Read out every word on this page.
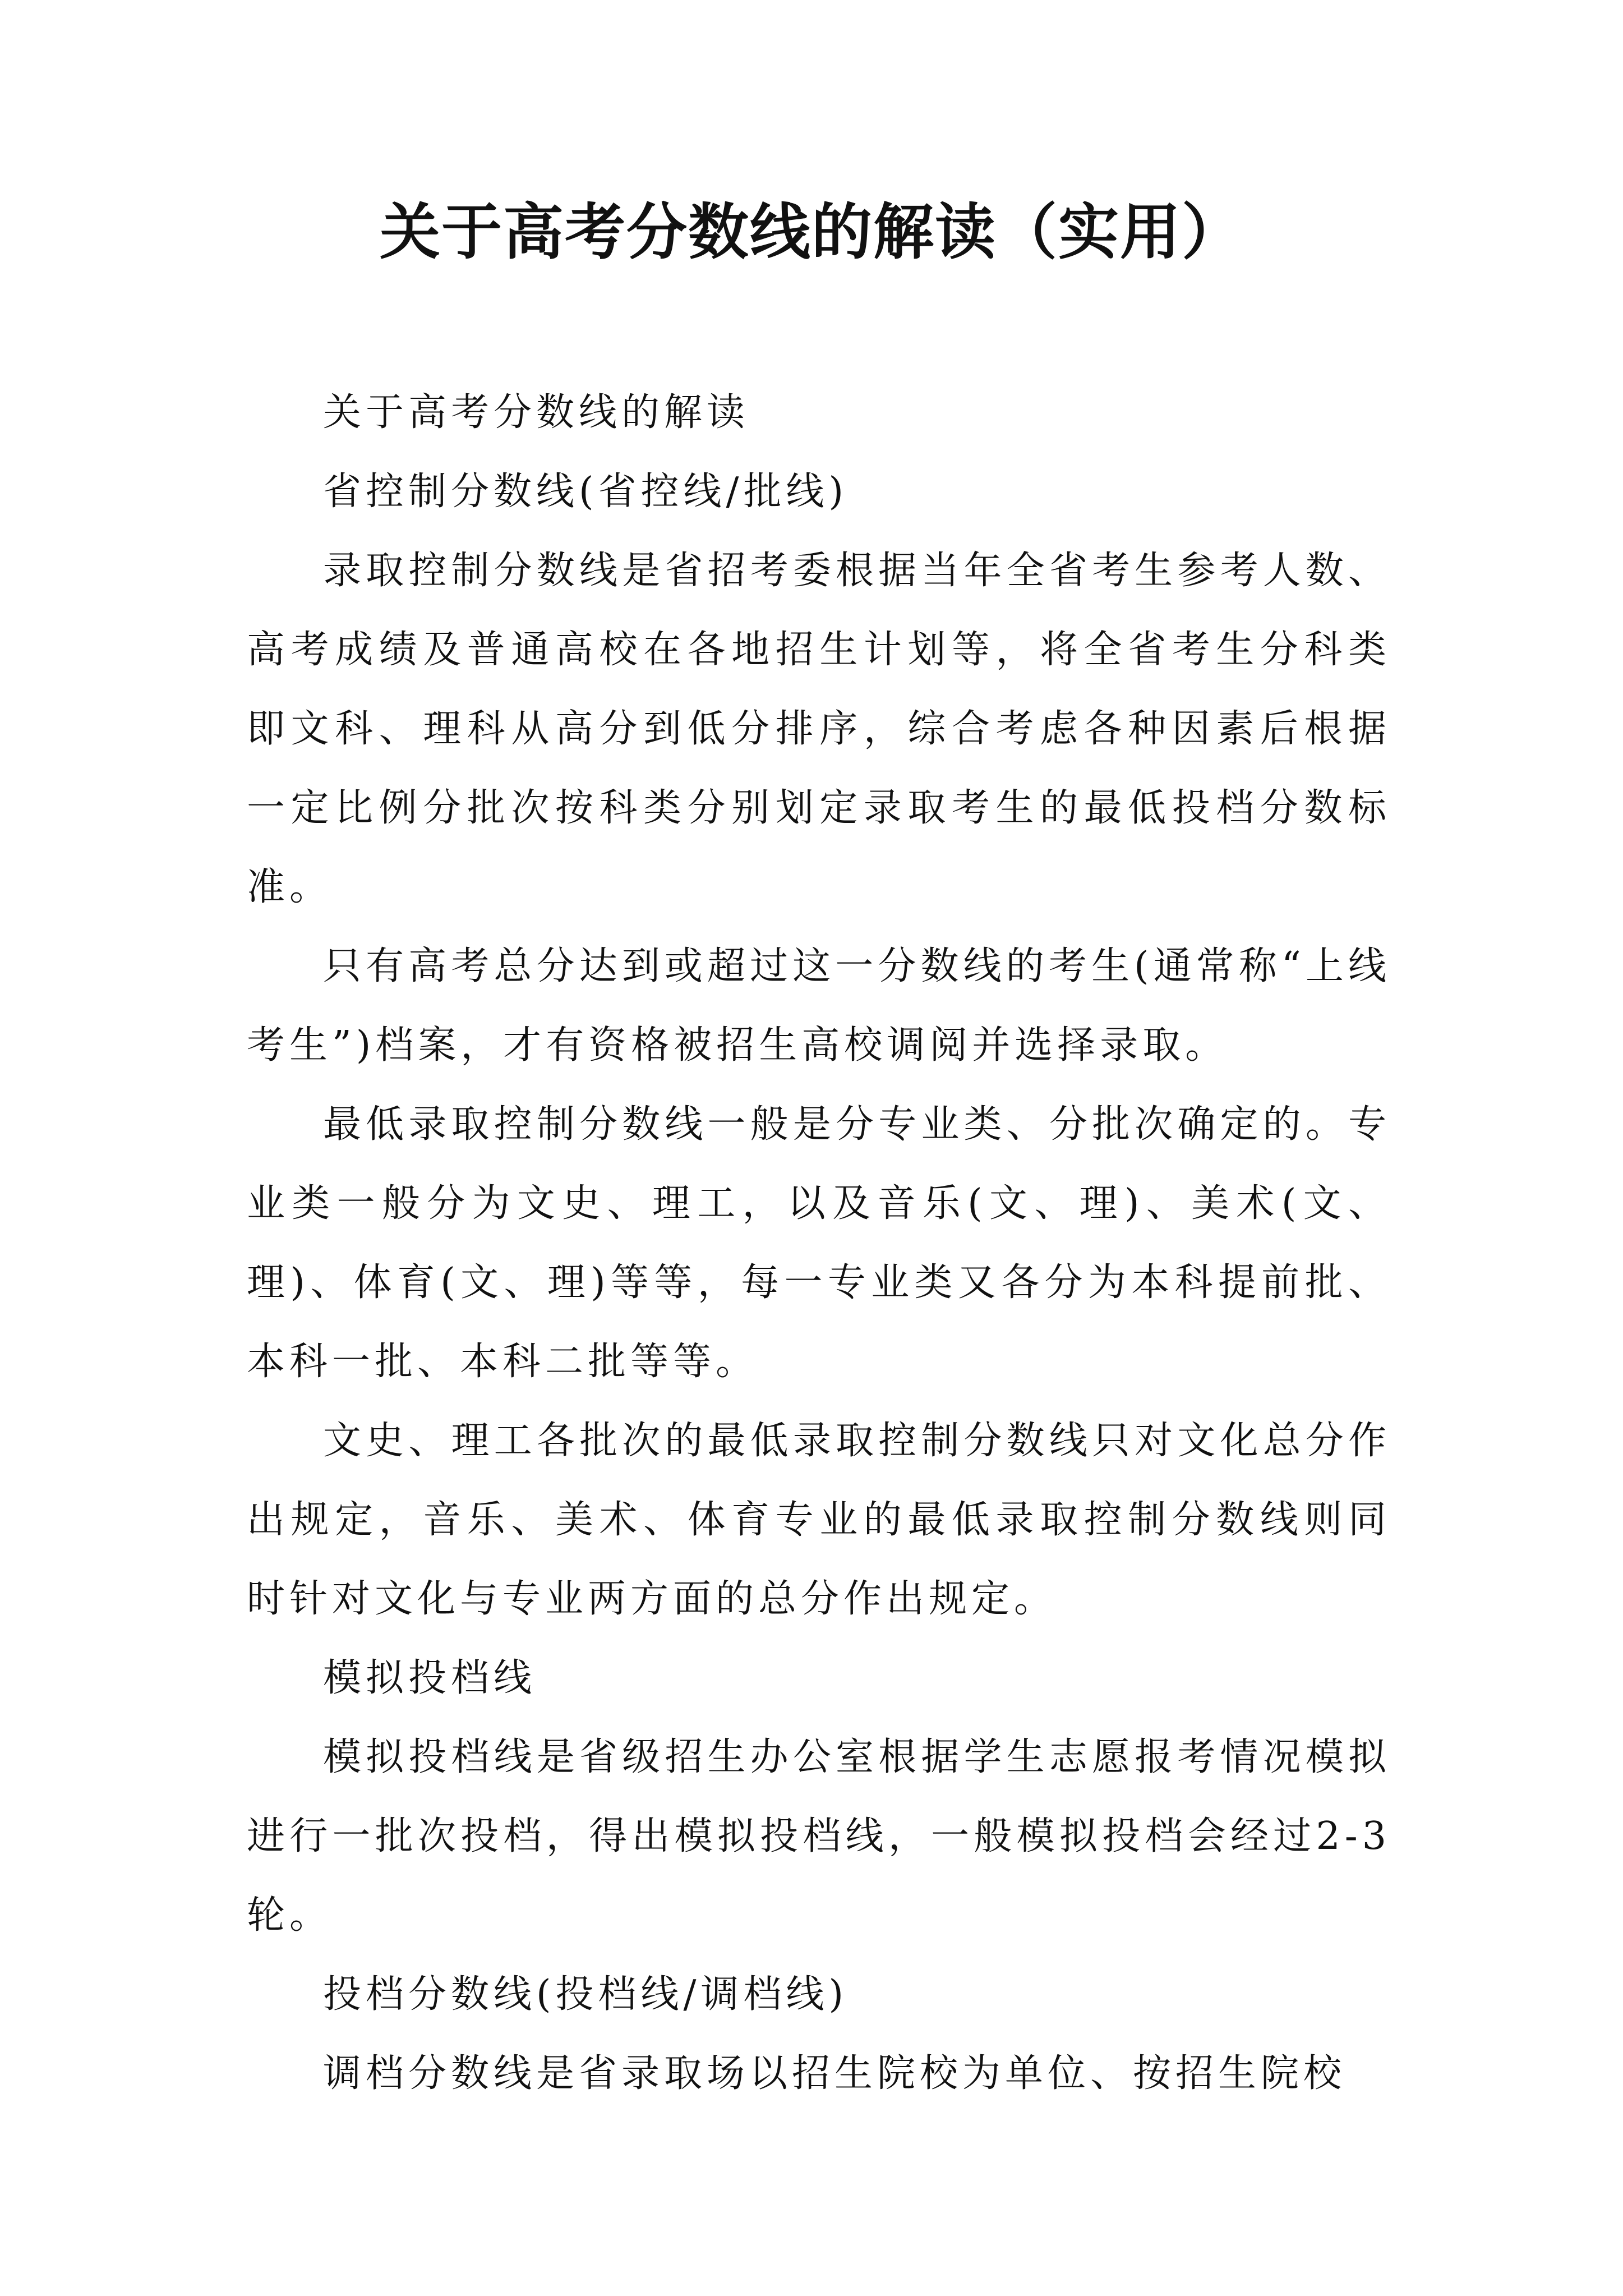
关于高考分数线的解读（实用）

关于高考分数线的解读

省控制分数线(省控线/批线)

录取控制分数线是省招考委根据当年全省考生参考人数、高考成绩及普通高校在各地招生计划等，将全省考生分科类即文科、理科从高分到低分排序，综合考虑各种因素后根据一定比例分批次按科类分别划定录取考生的最低投档分数标准。

只有高考总分达到或超过这一分数线的考生(通常称“上线考生”)档案，才有资格被招生高校调阅并选择录取。

最低录取控制分数线一般是分专业类、分批次确定的。专业类一般分为文史、理工，以及音乐(文、理)、美术(文、理)、体育(文、理)等等，每一专业类又各分为本科提前批、本科一批、本科二批等等。

文史、理工各批次的最低录取控制分数线只对文化总分作出规定，音乐、美术、体育专业的最低录取控制分数线则同时针对文化与专业两方面的总分作出规定。

模拟投档线

模拟投档线是省级招生办公室根据学生志愿报考情况模拟进行一批次投档，得出模拟投档线，一般模拟投档会经过2-3轮。

投档分数线(投档线/调档线)

调档分数线是省录取场以招生院校为单位、按招生院校
